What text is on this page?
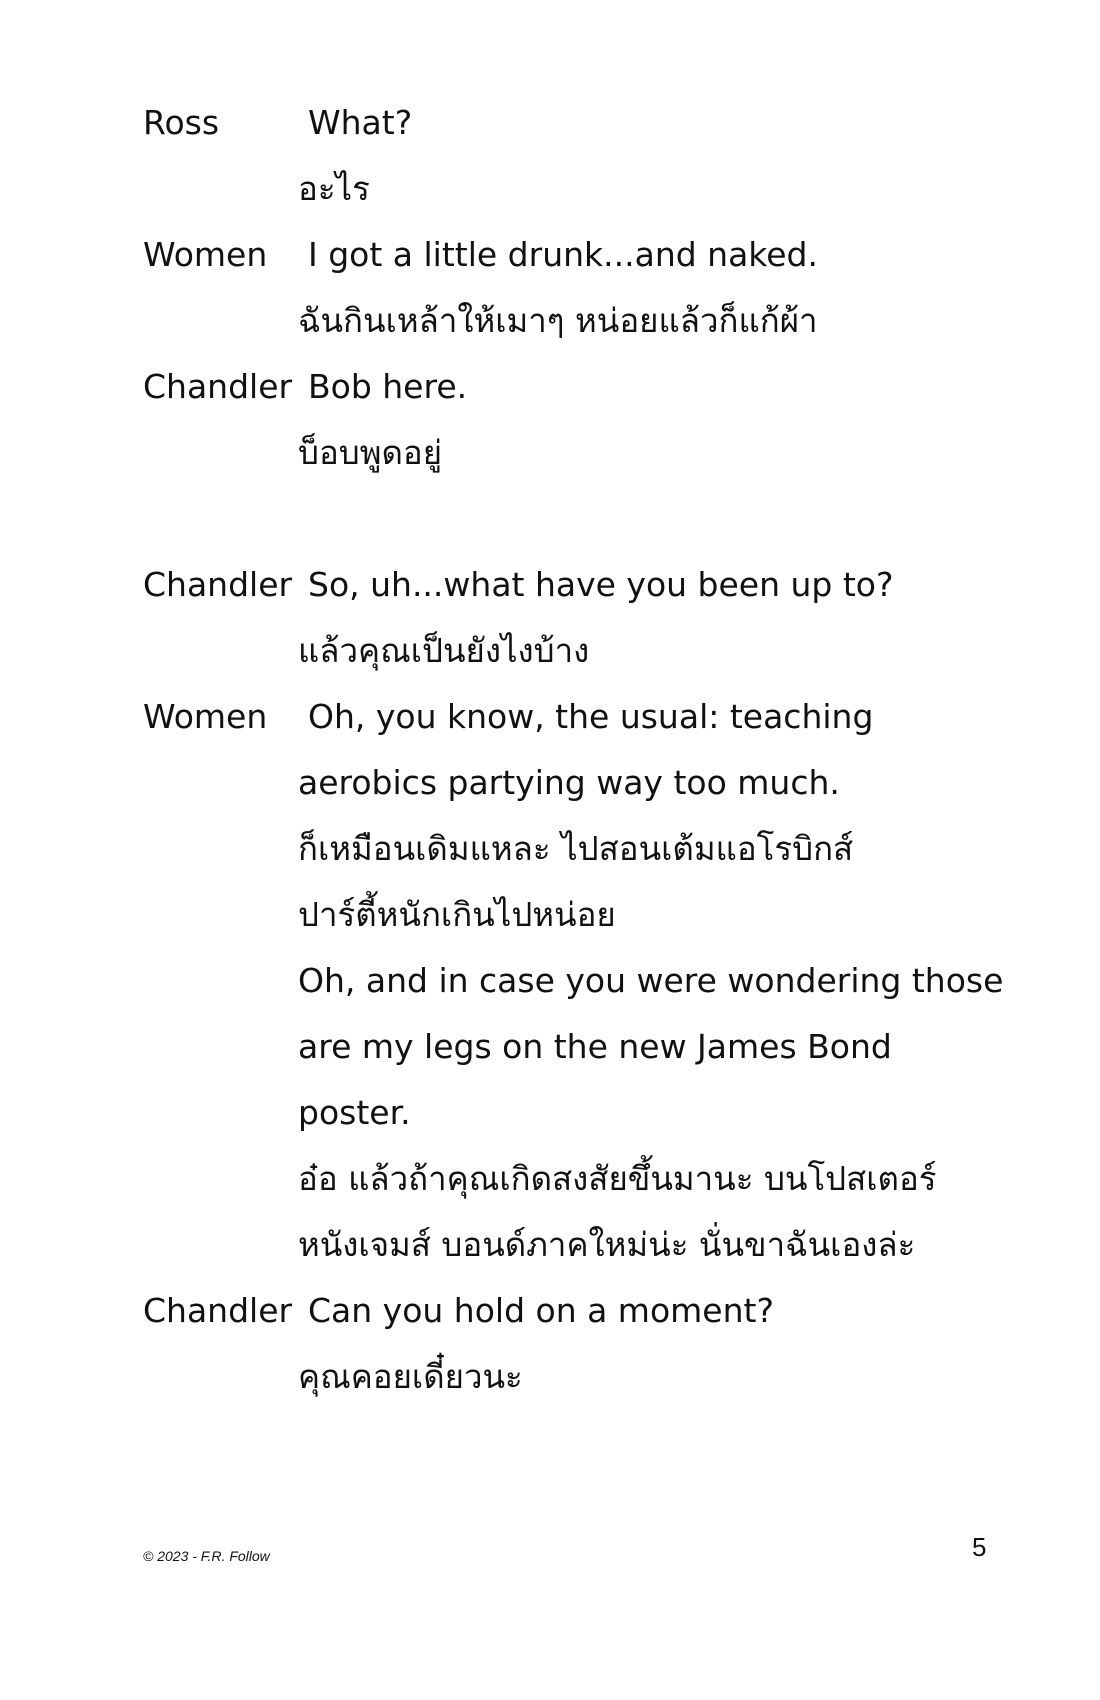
Ross	What?
อะไร
Women I got a little drunk...and naked.
ฉันกินเหล้าให้เมาๆ หน่อยแล้วก็แก้ผ้า
Chandler Bob here.
บ็อบพูดอยู่
Chandler So, uh...what have you been up to?
แล้วคุณเป็นยังไงบ้าง
Women Oh, you know, the usual: teaching
aerobics partying way too much.
ก็เหมือนเดิมแหละ ไปสอนเต้มแอโรบิกส์
ปาร์ตี้หนักเกินไปหน่อย
Oh, and in case you were wondering those
are my legs on the new James Bond
poster.
อ๋อ แล้วถ้าคุณเกิดสงสัยขึ้นมานะ บนโปสเตอร์
หนังเจมส์ บอนด์ภาคใหม่น่ะ นั่นขาฉันเองล่ะ
Chandler Can you hold on a moment?
คุณคอยเดี๋ยวนะ
© 2023 - F.R. Follow	5
